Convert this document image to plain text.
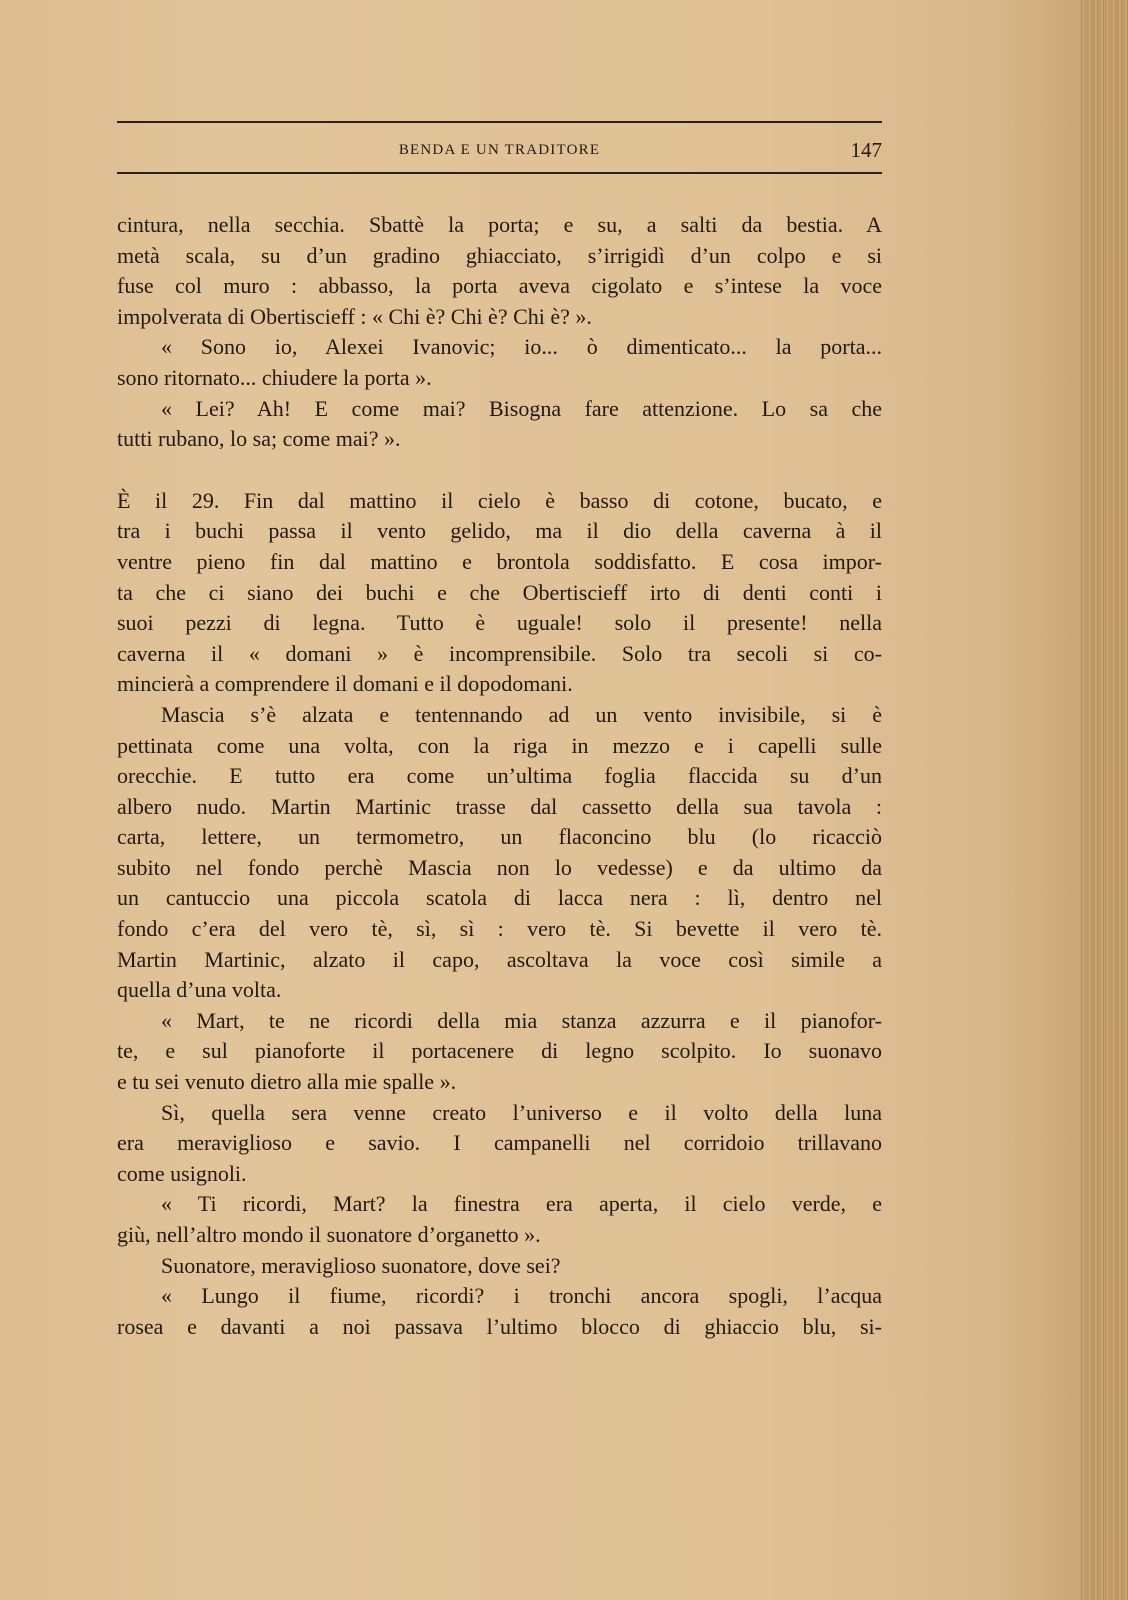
BENDA E UN TRADITORE	147
cintura, nella secchia. Sbattè la porta; e su, a salti da bestia. A
metà scala, su d’un gradino ghiacciato, s’irrigidì d’un colpo e si
fuse col muro : abbasso, la porta aveva cigolato e s’intese la voce
impolverata di Obertiscieff : « Chi è? Chi è? Chi è? ».
« Sono io, Alexei Ivanovic; io... ò dimenticato... la porta...
sono ritornato... chiudere la porta ».
« Lei? Ah! E come mai? Bisogna fare attenzione. Lo sa che
tutti rubano, lo sa; come mai? ».
È il 29. Fin dal mattino il cielo è basso di cotone, bucato, e
tra i buchi passa il vento gelido, ma il dio della caverna à il
ventre pieno fin dal mattino e brontola soddisfatto. E cosa impor-
ta che ci siano dei buchi e che Obertiscieff irto di denti conti i
suoi pezzi di legna. Tutto è uguale! solo il presente! nella
caverna il « domani » è incomprensibile. Solo tra secoli si co-
mincierà a comprendere il domani e il dopodomani.
Mascia s’è alzata e tentennando ad un vento invisibile, si è
pettinata come una volta, con la riga in mezzo e i capelli sulle
orecchie. E tutto era come un’ultima foglia flaccida su d’un
albero nudo. Martin Martinic trasse dal cassetto della sua tavola :
carta, lettere, un termometro, un flaconcino blu (lo ricacciò
subito nel fondo perchè Mascia non lo vedesse) e da ultimo da
un cantuccio una piccola scatola di lacca nera : lì, dentro nel
fondo c’era del vero tè, sì, sì : vero tè. Si bevette il vero tè.
Martin Martinic, alzato il capo, ascoltava la voce così simile a
quella d’una volta.
« Mart, te ne ricordi della mia stanza azzurra e il pianofor-
te, e sul pianoforte il portacenere di legno scolpito. Io suonavo
e tu sei venuto dietro alla mie spalle ».
Sì, quella sera venne creato l’universo e il volto della luna
era meraviglioso e savio. I campanelli nel corridoio trillavano
come usignoli.
« Ti ricordi, Mart? la finestra era aperta, il cielo verde, e
giù, nell’altro mondo il suonatore d’organetto ».
Suonatore, meraviglioso suonatore, dove sei?
« Lungo il fiume, ricordi? i tronchi ancora spogli, l’acqua
rosea e davanti a noi passava l’ultimo blocco di ghiaccio blu, si-
